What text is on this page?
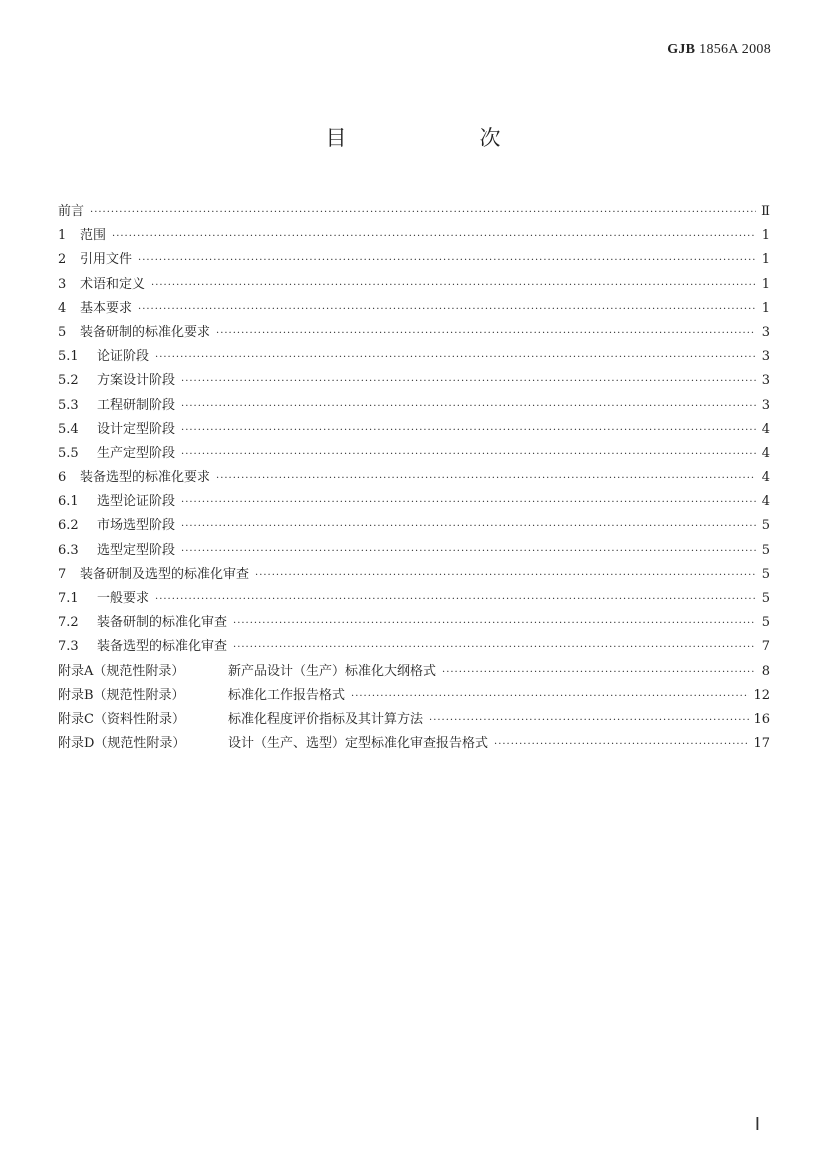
GJB 1856A 2008
目　次
前言 ·····	Ⅱ
1	范围 ·····	1
2	引用文件 ·····	1
3	术语和定义 ·····	1
4	基本要求 ·····	1
5	装备研制的标准化要求 ·····	3
5.1	论证阶段 ·····	3
5.2	方案设计阶段 ·····	3
5.3	工程研制阶段 ·····	3
5.4	设计定型阶段 ·····	4
5.5	生产定型阶段 ·····	4
6	装备选型的标准化要求 ·····	4
6.1	选型论证阶段 ·····	4
6.2	市场选型阶段 ·····	5
6.3	选型定型阶段 ·····	5
7	装备研制及选型的标准化审查 ·····	5
7.1	一般要求 ·····	5
7.2	装备研制的标准化审查 ·····	5
7.3	装备选型的标准化审查 ·····	7
附录A（规范性附录）	新产品设计（生产）标准化大纲格式 ·····	8
附录B（规范性附录）	标准化工作报告格式 ·····	12
附录C（资料性附录）	标准化程度评价指标及其计算方法 ·····	16
附录D（规范性附录）	设计（生产、选型）定型标准化审查报告格式 ·····	17
Ⅰ
